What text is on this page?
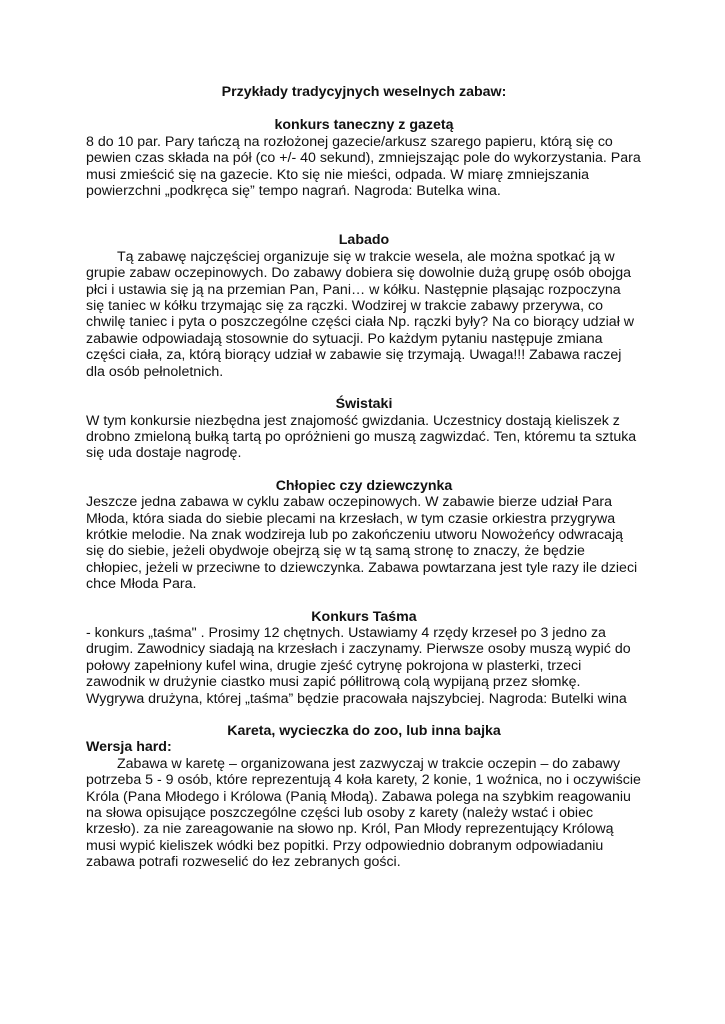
Przykłady tradycyjnych weselnych zabaw:
konkurs taneczny z gazetą

8 do 10 par. Pary tańczą na rozłożonej gazecie/arkusz szarego papieru, którą się co pewien czas składa na pół (co +/- 40 sekund), zmniejszając pole do wykorzystania. Para musi zmieścić się na gazecie. Kto się nie mieści, odpada. W miarę zmniejszania powierzchni „podkręca się” tempo nagrań. Nagroda: Butelka wina.

Labado

Tą zabawę najczęściej organizuje się w trakcie wesela, ale można spotkać ją w grupie zabaw oczepinowych. Do zabawy dobiera się dowolnie dużą grupę osób obojga płci i ustawia się ją na przemian Pan, Pani… w kółku. Następnie pląsając rozpoczyna się taniec w kółku trzymając się za rączki. Wodzirej w trakcie zabawy przerywa, co chwilę taniec i pyta o poszczególne części ciała Np. rączki były? Na co biorący udział w zabawie odpowiadają stosownie do sytuacji. Po każdym pytaniu następuje zmiana części ciała, za, którą biorący udział w zabawie się trzymają. Uwaga!!! Zabawa raczej dla osób pełnoletnich.

Świstaki

W tym konkursie niezbędna jest znajomość gwizdania. Uczestnicy dostają kieliszek z drobno zmieloną bułką tartą po opróżnieni go muszą zagwizdać. Ten, któremu ta sztuka się uda dostaje nagrodę.

Chłopiec czy dziewczynka

Jeszcze jedna zabawa w cyklu zabaw oczepinowych. W zabawie bierze udział Para Młoda, która siada do siebie plecami na krzesłach, w tym czasie orkiestra przygrywa krótkie melodie. Na znak wodzireja lub po zakończeniu utworu Nowożeńcy odwracają się do siebie, jeżeli obydwoje obejrzą się w tą samą stronę to znaczy, że będzie chłopiec, jeżeli w przeciwne to dziewczynka. Zabawa powtarzana jest tyle razy ile dzieci chce Młoda Para.

Konkurs Taśma

- konkurs „taśma" . Prosimy 12 chętnych. Ustawiamy 4 rzędy krzeseł po 3 jedno za drugim. Zawodnicy siadają na krzesłach i zaczynamy. Pierwsze osoby muszą wypić do połowy zapełniony kufel wina, drugie zjeść cytrynę pokrojona w plasterki, trzeci zawodnik w drużynie ciastko musi zapić półlitrową colą wypijaną przez słomkę. Wygrywa drużyna, której „taśma” będzie pracowała najszybciej. Nagroda: Butelki wina

Kareta, wycieczka do zoo, lub inna bajka
Wersja hard:

Zabawa w karetę – organizowana jest zazwyczaj w trakcie oczepin – do zabawy potrzeba 5 - 9 osób, które reprezentują 4 koła karety, 2 konie, 1 woźnica, no i oczywiście Króla (Pana Młodego i Królowa (Panią Młodą). Zabawa polega na szybkim reagowaniu na słowa opisujące poszczególne części lub osoby z karety (należy wstać i obiec krzesło). za nie zareagowanie na słowo np. Król, Pan Młody reprezentujący Królową musi wypić kieliszek wódki bez popitki. Przy odpowiednio dobranym odpowiadaniu zabawa potrafi rozweselić do łez zebranych gości.
